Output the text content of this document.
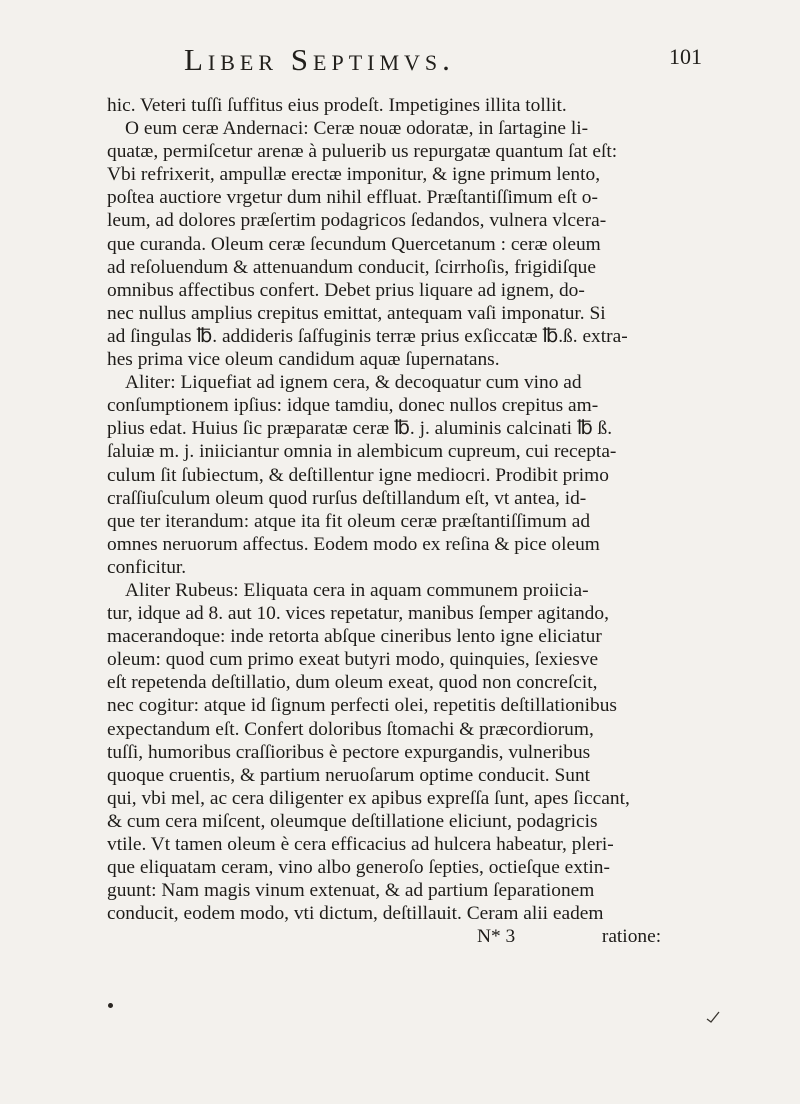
Liber Septimvs.	101
hic. Veteri tuſſi ſuffitus eius prodeſt. Impetigines illita tollit.
O eum ceræ Andernaci: Ceræ nouæ odoratæ, in ſartagine li-
quatæ, permiſcetur arenæ à puluerib us repurgatæ quantum ſat eſt:
Vbi refrixerit, ampullæ erectæ imponitur, & igne primum lento,
poſtea auctiore vrgetur dum nihil effluat. Præſtantiſſimum eſt o-
leum, ad dolores præſertim podagricos ſedandos, vulnera vlcera-
que curanda. Oleum ceræ ſecundum Quercetanum : ceræ oleum
ad reſoluendum & attenuandum conducit, ſcirrhoſis, frigidiſque
omnibus affectibus confert. Debet prius liquare ad ignem, do-
nec nullus amplius crepitus emittat, antequam vaſi imponatur. Si
ad ſingulas ℔. addideris ſaſfuginis terræ prius exſiccatæ ℔.ß. extra-
hes prima vice oleum candidum aquæ ſupernatans.
Aliter: Liquefiat ad ignem cera, & decoquatur cum vino ad
conſumptionem ipſius: idque tamdiu, donec nullos crepitus am-
plius edat. Huius ſic præparatæ ceræ ℔. j. aluminis calcinati ℔ ß.
ſaluiæ m. j. iniiciantur omnia in alembicum cupreum, cui recepta-
culum ſit ſubiectum, & deſtillentur igne mediocri. Prodibit primo
craſſiuſculum oleum quod rurſus deſtillandum eſt, vt antea, id-
que ter iterandum: atque ita fit oleum ceræ præſtantiſſimum ad
omnes neruorum affectus. Eodem modo ex reſina & pice oleum
conficitur.
Aliter Rubeus: Eliquata cera in aquam communem proiicia-
tur, idque ad 8. aut 10. vices repetatur, manibus ſemper agitando,
macerandoque: inde retorta abſque cineribus lento igne eliciatur
oleum: quod cum primo exeat butyri modo, quinquies, ſexiesve
eſt repetenda deſtillatio, dum oleum exeat, quod non concreſcit,
nec cogitur: atque id ſignum perfecti olei, repetitis deſtillationibus
expectandum eſt. Confert doloribus ſtomachi & præcordiorum,
tuſſi, humoribus craſſioribus è pectore expurgandis, vulneribus
quoque cruentis, & partium neruoſarum optime conducit. Sunt
qui, vbi mel, ac cera diligenter ex apibus expreſſa ſunt, apes ſiccant,
& cum cera miſcent, oleumque deſtillatione eliciunt, podagricis
vtile. Vt tamen oleum è cera efficacius ad hulcera habeatur, pleri-
que eliquatam ceram, vino albo generoſo ſepties, octieſque extin-
guunt: Nam magis vinum extenuat, & ad partium ſeparationem
conducit, eodem modo, vti dictum, deſtillauit. Ceram alii eadem
N* 3	ratione:
